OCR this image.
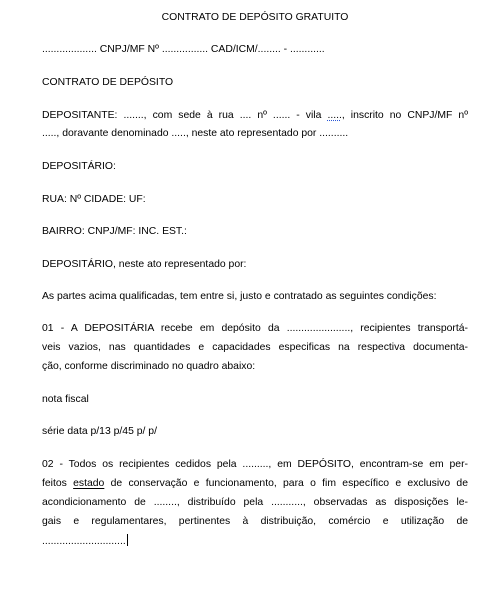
CONTRATO DE DEPÓSITO GRATUITO
................... CNPJ/MF Nº ................ CAD/ICM/........ - ............
CONTRATO DE DEPÓSITO
DEPOSITANTE: ......., com sede à rua .... nº ...... - vila ....., inscrito no CNPJ/MF nº
....., doravante denominado ....., neste ato representado por ..........
DEPOSITÁRIO:
RUA: Nº CIDADE: UF:
BAIRRO: CNPJ/MF: INC. EST.:
DEPOSITÁRIO, neste ato representado por:
As partes acima qualificadas, tem entre si, justo e contratado as seguintes condições:
01 - A DEPOSITÁRIA recebe em depósito da ......................, recipientes transportá-
veis vazios, nas quantidades e capacidades especificas na respectiva documenta-
ção, conforme discriminado no quadro abaixo:
nota fiscal
série data p/13 p/45 p/ p/
02 - Todos os recipientes cedidos pela ........., em DEPÓSITO, encontram-se em per-
feitos estado de conservação e funcionamento, para o fim específico e exclusivo de
acondicionamento de ........, distribuído pela ..........., observadas as disposições le-
gais e regulamentares, pertinentes à distribuição, comércio e utilização de
.............................
